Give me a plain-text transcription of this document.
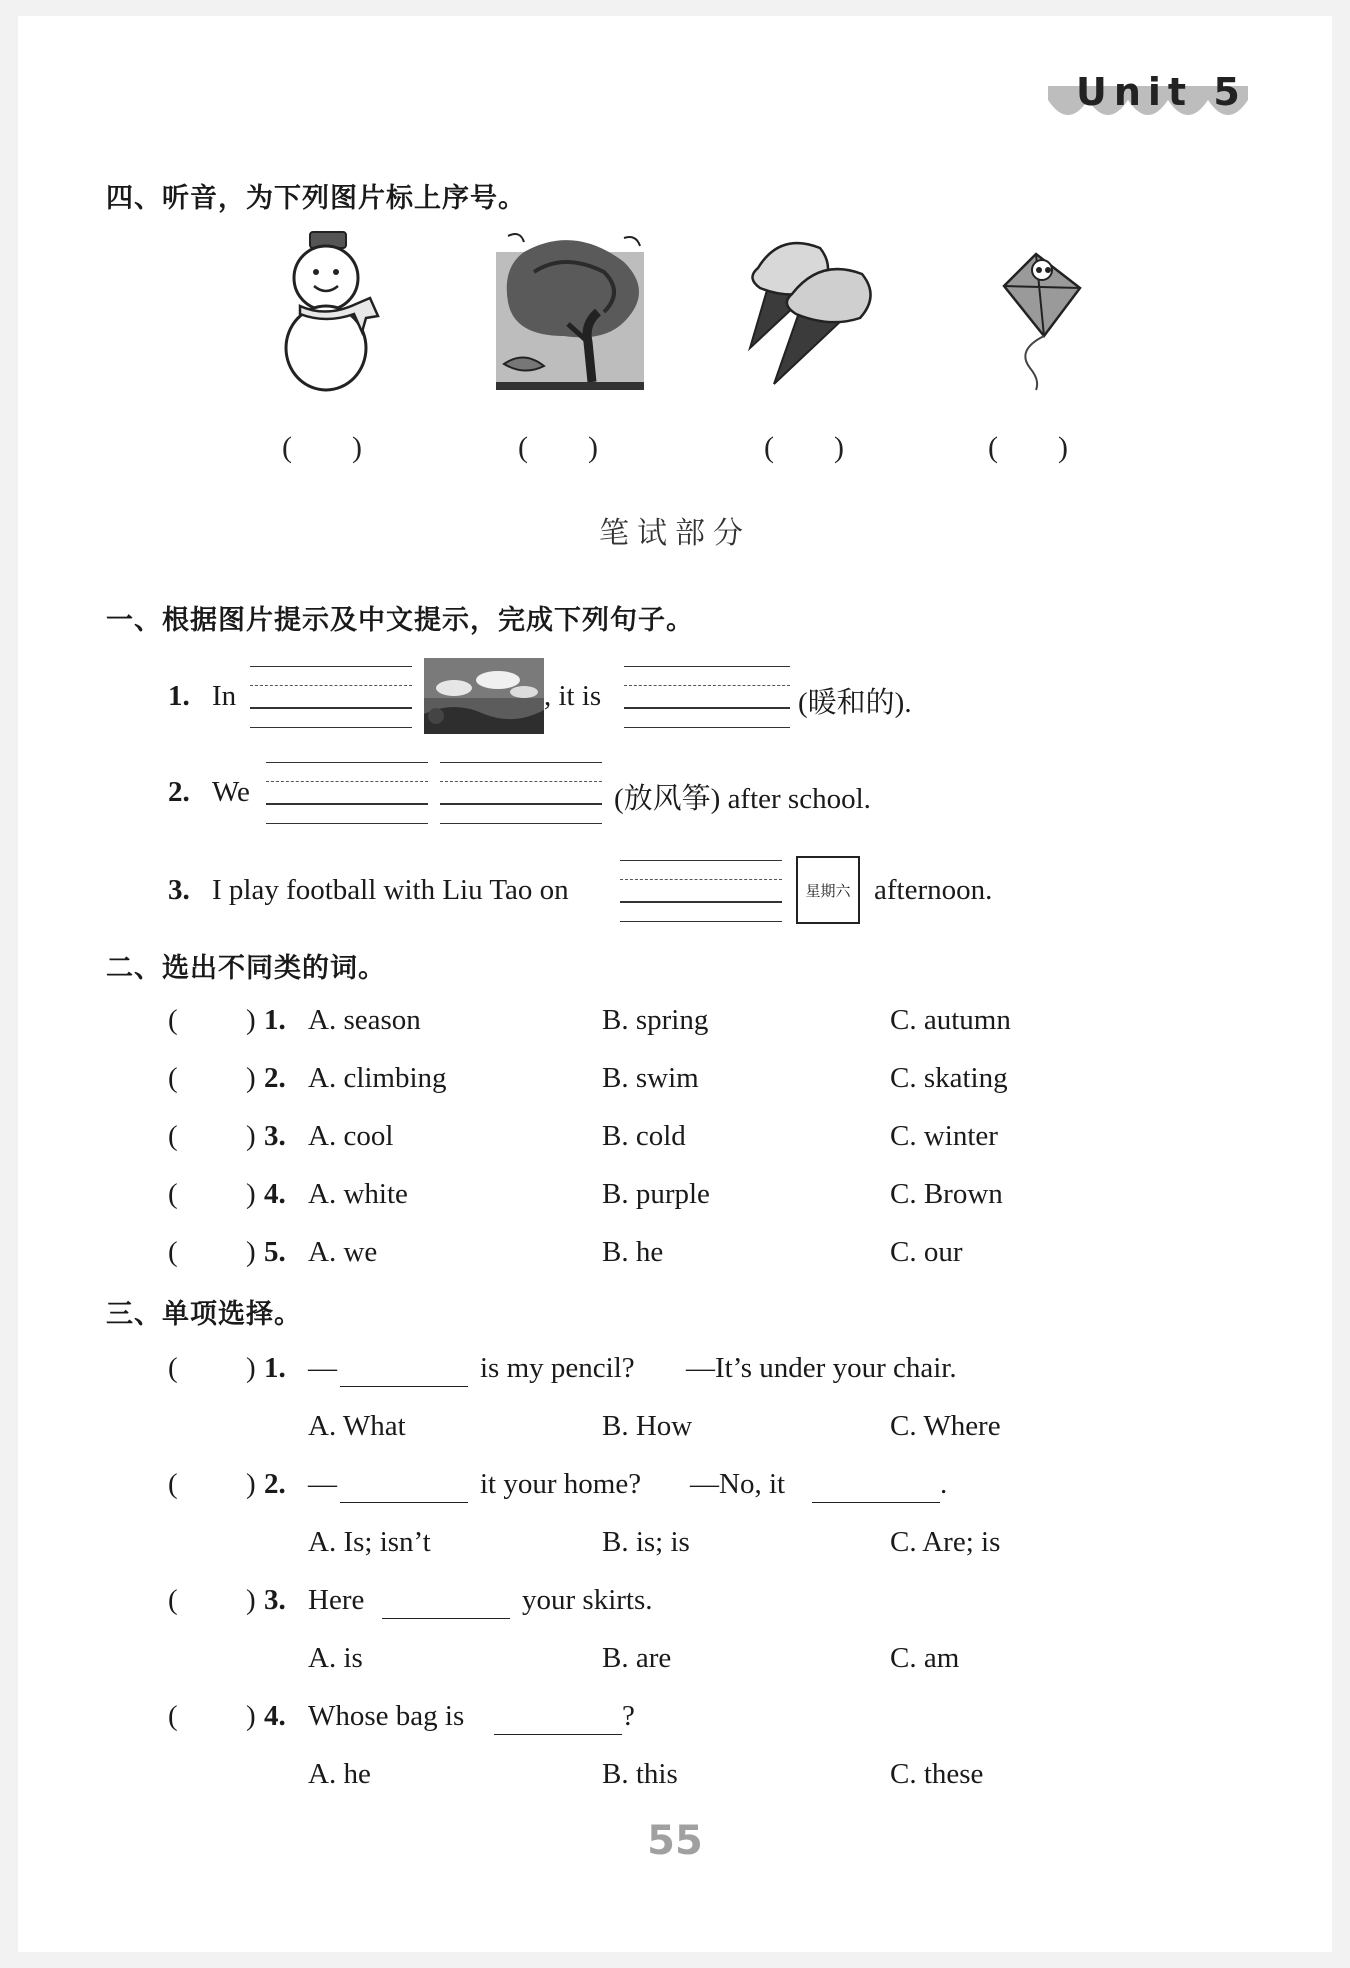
Unit 5
四、听音，为下列图片标上序号。
(　　)	(　　)	(　　)	(　　)
笔试部分
一、根据图片提示及中文提示，完成下列句子。
1. In	, it is	(暖和的).
2. We	(放风筝) after school.
3. I play football with Liu Tao on	星期六 afternoon.
二、选出不同类的词。
( ) 1. A. season	B. spring	C. autumn
( ) 2. A. climbing	B. swim	C. skating
( ) 3. A. cool	B. cold	C. winter
( ) 4. A. white	B. purple	C. Brown
( ) 5. A. we	B. he	C. our
三、单项选择。
( ) 1. —	is my pencil? —It’s under your chair.
A. What	B. How	C. Where
( ) 2. —	it your home? —No, it	.
A. Is; isn’t	B. is; is	C. Are; is
( ) 3. Here	your skirts.
A. is	B. are	C. am
( ) 4. Whose bag is	?
A. he	B. this	C. these
55
